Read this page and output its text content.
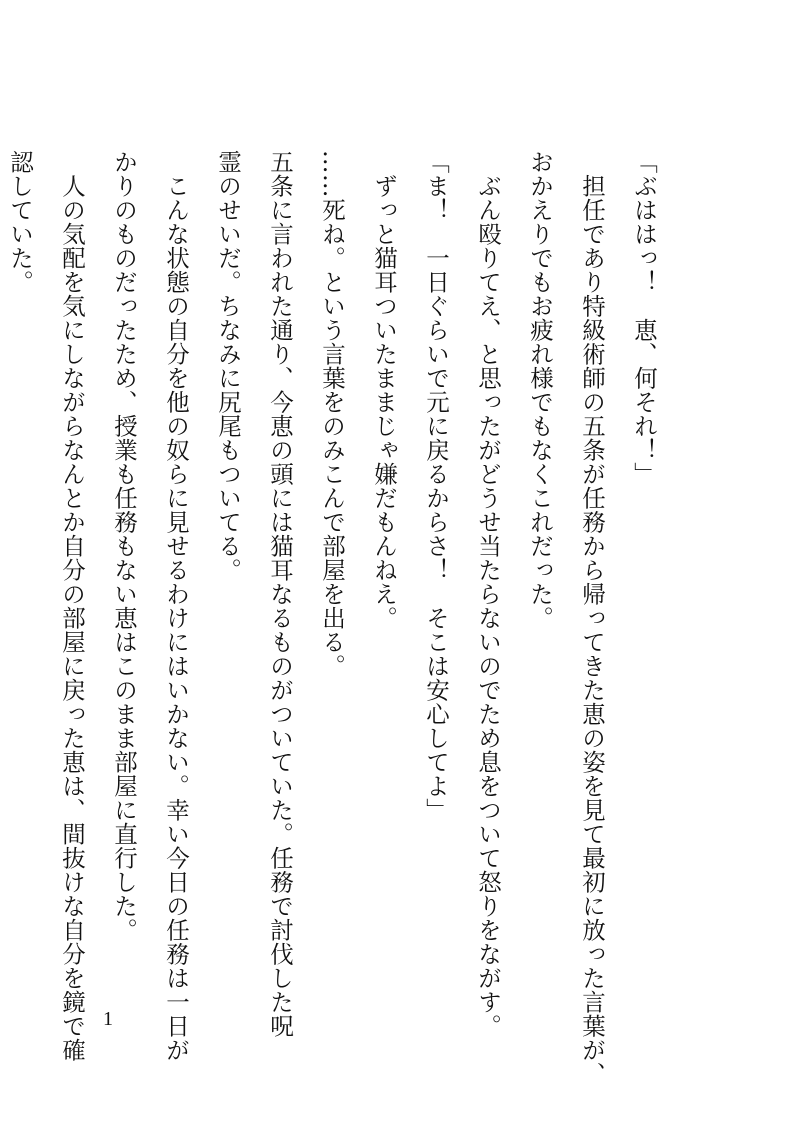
「ぶははっ！　恵、何それ！」
　担任であり特級術師の五条が任務から帰ってきた恵の姿を見て最初に放った言葉が、
おかえりでもお疲れ様でもなくこれだった。
　ぶん殴りてえ、と思ったがどうせ当たらないのでため息をついて怒りをながす。
「ま！　一日ぐらいで元に戻るからさ！　そこは安心してよ」
　ずっと猫耳ついたままじゃ嫌だもんねえ。
……死ね。という言葉をのみこんで部屋を出る。
五条に言われた通り、今恵の頭には猫耳なるものがついていた。任務で討伐した呪
霊のせいだ。ちなみに尻尾もついてる。
　こんな状態の自分を他の奴らに見せるわけにはいかない。幸い今日の任務は一日が
かりのものだったため、授業も任務もない恵はこのまま部屋に直行した。
　人の気配を気にしながらなんとか自分の部屋に戻った恵は、間抜けな自分を鏡で確
認していた。
1
